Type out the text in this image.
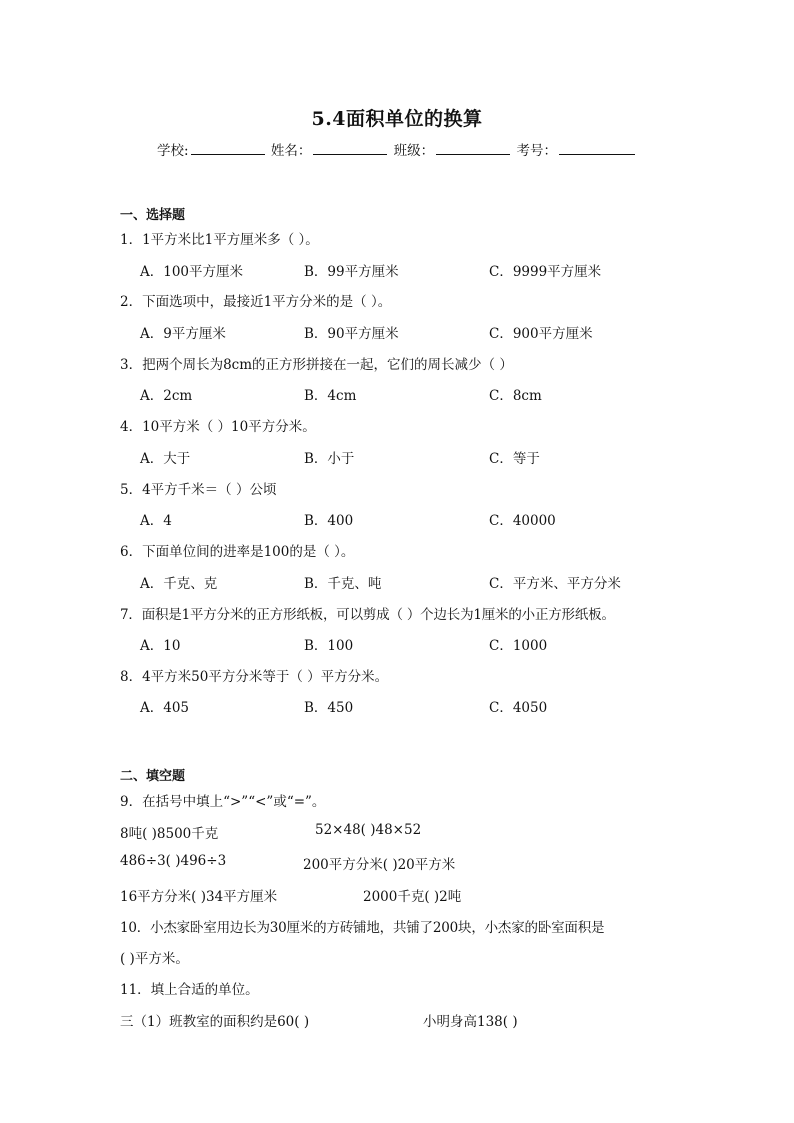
5.4面积单位的换算
学校:	姓名：	班级：	考号：
一、选择题
1．1平方米比1平方厘米多（ ）。
A．100平方厘米	B．99平方厘米	C．9999平方厘米
2．下面选项中，最接近1平方分米的是（ ）。
A．9平方厘米	B．90平方厘米	C．900平方厘米
3．把两个周长为8cm的正方形拼接在一起，它们的周长减少（ ）
A．2cm	B．4cm	C．8cm
4．10平方米（ ）10平方分米。
A．大于	B．小于	C．等于
5．4平方千米＝（ ）公顷
A．4	B．400	C．40000
6．下面单位间的进率是100的是（ ）。
A．千克、克	B．千克、吨	C．平方米、平方分米
7．面积是1平方分米的正方形纸板，可以剪成（ ）个边长为1厘米的小正方形纸板。
A．10	B．100	C．1000
8．4平方米50平方分米等于（ ）平方分米。
A．405	B．450	C．4050
二、填空题
9．在括号中填上“>”“<”或“=”。
8吨( )8500千克	52×48( )48×52
486÷3( )496÷3	200平方分米( )20平方米
16平方分米( )34平方厘米	2000千克( )2吨
10．小杰家卧室用边长为30厘米的方砖铺地，共铺了200块，小杰家的卧室面积是
( )平方米。
11．填上合适的单位。
三（1）班教室的面积约是60( )	小明身高138( )
